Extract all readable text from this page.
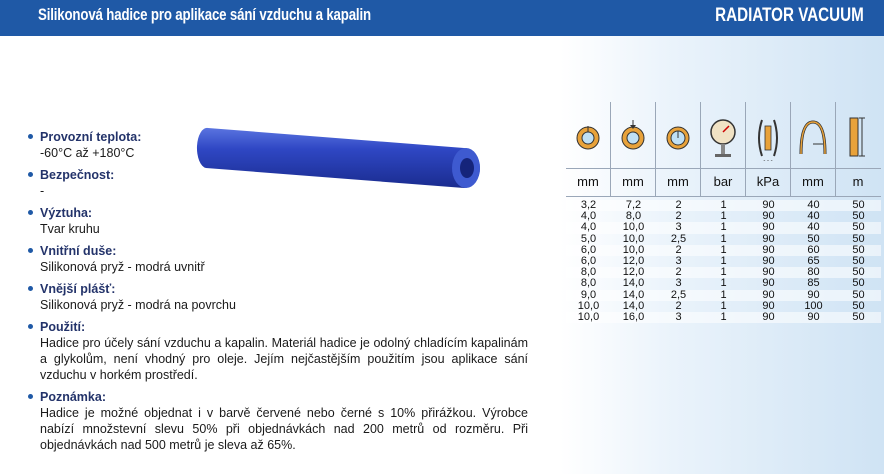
Silikonová hadice pro aplikace sání vzduchu a kapalin	RADIATOR VACUUM
Provozní teplota:
-60°C až +180°C
Bezpečnost:
-
Výztuha:
Tvar kruhu
Vnitřní duše:
Silikonová pryž - modrá uvnitř
Vnější plášť:
Silikonová pryž - modrá na povrchu
Použití:
Hadice pro účely sání vzduchu a kapalin. Materiál hadice je odolný chladícím kapalinám a glykolům, není vhodný pro oleje. Jejím nejčastějším použitím jsou aplikace sání vzduchu v horkém prostředí.
Poznámka:
Hadice je možné objednat i v barvě červené nebo černé s 10% přirážkou. Výrobce nabízí množstevní slevu 50% při objednávkách nad 200 metrů od rozměru. Při objednávkách nad 500 metrů je sleva až 65%.
- - -
mm	mm	mm	bar	kPa	mm	m
3,2	7,2	2	1	90	40	50
4,0	8,0	2	1	90	40	50
4,0	10,0	3	1	90	40	50
5,0	10,0	2,5	1	90	50	50
6,0	10,0	2	1	90	60	50
6,0	12,0	3	1	90	65	50
8,0	12,0	2	1	90	80	50
8,0	14,0	3	1	90	85	50
9,0	14,0	2,5	1	90	90	50
10,0	14,0	2	1	90	100	50
10,0	16,0	3	1	90	90	50
